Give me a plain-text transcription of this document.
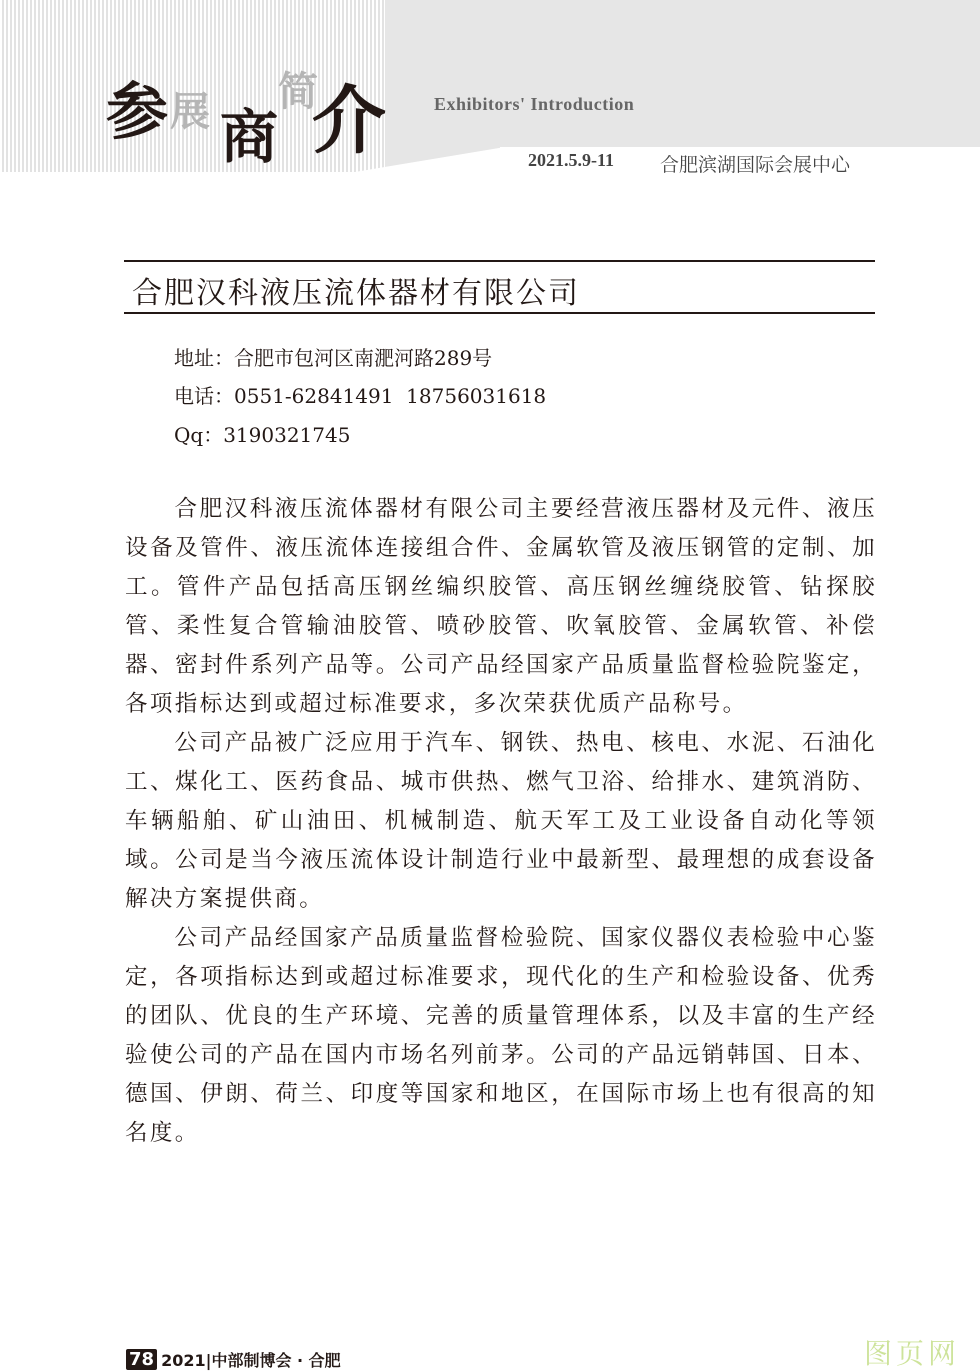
参 展 商
简
介	Exhibitors' Introduction
2021.5.9-11 合肥滨湖国际会展中心
合肥汉科液压流体器材有限公司
地址：合肥市包河区南淝河路289号
电话：0551-62841491  18756031618
Qq：3190321745

合肥汉科液压流体器材有限公司主要经营液压器材及元件、液压设备及管件、液压流体连接组合件、金属软管及液压钢管的定制、加工。管件产品包括高压钢丝编织胶管、高压钢丝缠绕胶管、钻探胶管、柔性复合管输油胶管、喷砂胶管、吹氧胶管、金属软管、补偿器、密封件系列产品等。公司产品经国家产品质量监督检验院鉴定，各项指标达到或超过标准要求，多次荣获优质产品称号。

公司产品被广泛应用于汽车、钢铁、热电、核电、水泥、石油化工、煤化工、医药食品、城市供热、燃气卫浴、给排水、建筑消防、车辆船舶、矿山油田、机械制造、航天军工及工业设备自动化等领域。公司是当今液压流体设计制造行业中最新型、最理想的成套设备解决方案提供商。

公司产品经国家产品质量监督检验院、国家仪器仪表检验中心鉴定，各项指标达到或超过标准要求，现代化的生产和检验设备、优秀的团队、优良的生产环境、完善的质量管理体系，以及丰富的生产经验使公司的产品在国内市场名列前茅。公司的产品远销韩国、日本、德国、伊朗、荷兰、印度等国家和地区，在国际市场上也有很高的知名度。

78 2021|中部制博会 · 合肥	图页网
